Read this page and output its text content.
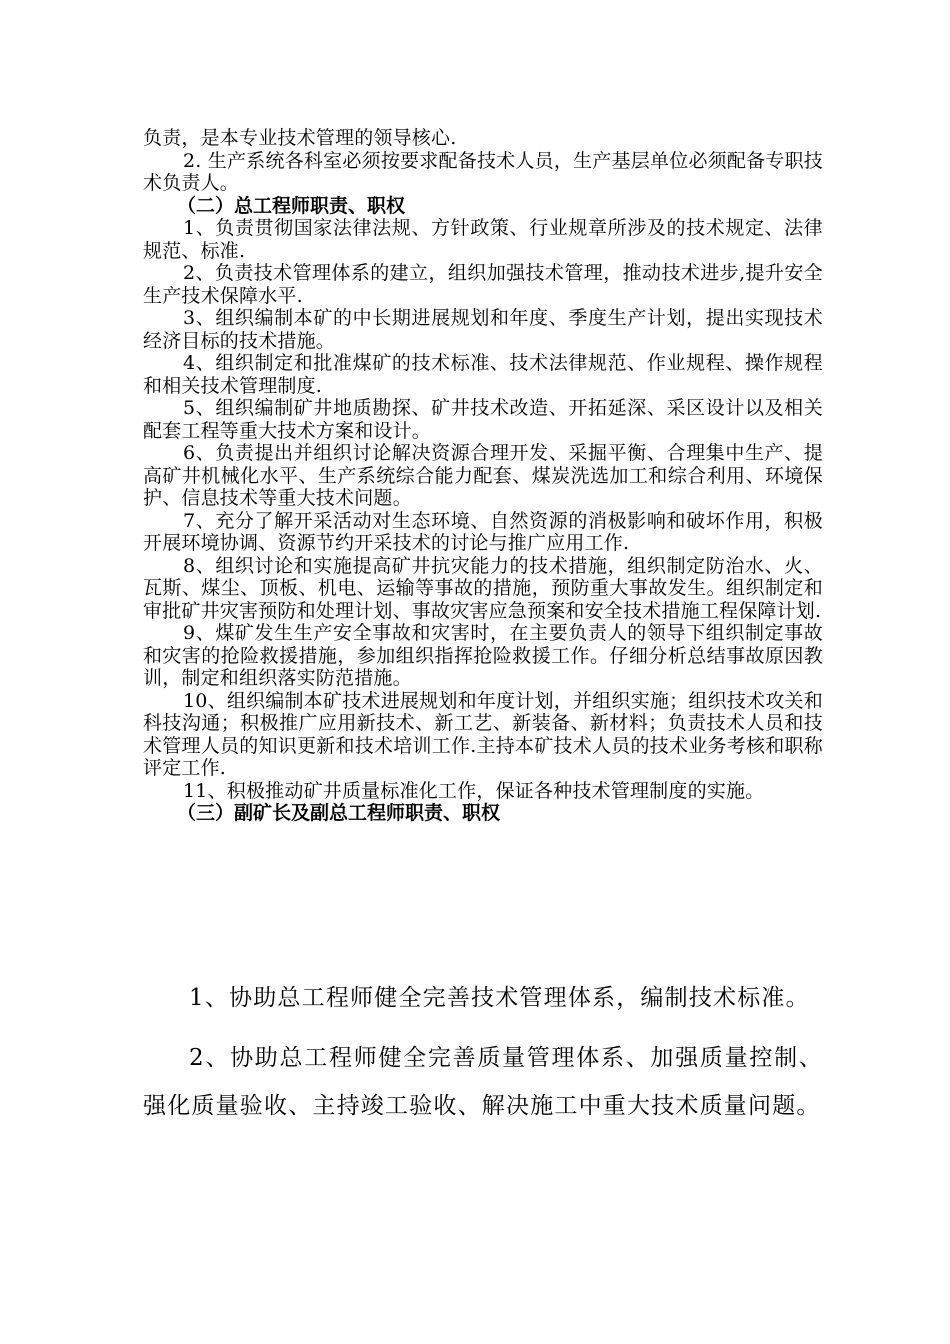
负责，是本专业技术管理的领导核心.

2. 生产系统各科室必须按要求配备技术人员，生产基层单位必须配备专职技术负责人。

（二）总工程师职责、职权

1、负责贯彻国家法律法规、方针政策、行业规章所涉及的技术规定、法律规范、标准.

2、负责技术管理体系的建立，组织加强技术管理，推动技术进步,提升安全生产技术保障水平.

3、组织编制本矿的中长期进展规划和年度、季度生产计划，提出实现技术经济目标的技术措施。

4、组织制定和批准煤矿的技术标准、技术法律规范、作业规程、操作规程和相关技术管理制度.

5、组织编制矿井地质勘探、矿井技术改造、开拓延深、采区设计以及相关配套工程等重大技术方案和设计。

6、负责提出并组织讨论解决资源合理开发、采掘平衡、合理集中生产、提高矿井机械化水平、生产系统综合能力配套、煤炭洗选加工和综合利用、环境保护、信息技术等重大技术问题。

7、充分了解开采活动对生态环境、自然资源的消极影响和破坏作用，积极开展环境协调、资源节约开采技术的讨论与推广应用工作.

8、组织讨论和实施提高矿井抗灾能力的技术措施，组织制定防治水、火、瓦斯、煤尘、顶板、机电、运输等事故的措施，预防重大事故发生。组织制定和审批矿井灾害预防和处理计划、事故灾害应急预案和安全技术措施工程保障计划.

9、煤矿发生生产安全事故和灾害时，在主要负责人的领导下组织制定事故和灾害的抢险救援措施，参加组织指挥抢险救援工作。仔细分析总结事故原因教训，制定和组织落实防范措施。

10、组织编制本矿技术进展规划和年度计划，并组织实施；组织技术攻关和科技沟通；积极推广应用新技术、新工艺、新装备、新材料；负责技术人员和技术管理人员的知识更新和技术培训工作.主持本矿技术人员的技术业务考核和职称评定工作.

11、积极推动矿井质量标准化工作，保证各种技术管理制度的实施。

（三）副矿长及副总工程师职责、职权

1、协助总工程师健全完善技术管理体系，编制技术标准。

2、协助总工程师健全完善质量管理体系、加强质量控制、强化质量验收、主持竣工验收、解决施工中重大技术质量问题。
